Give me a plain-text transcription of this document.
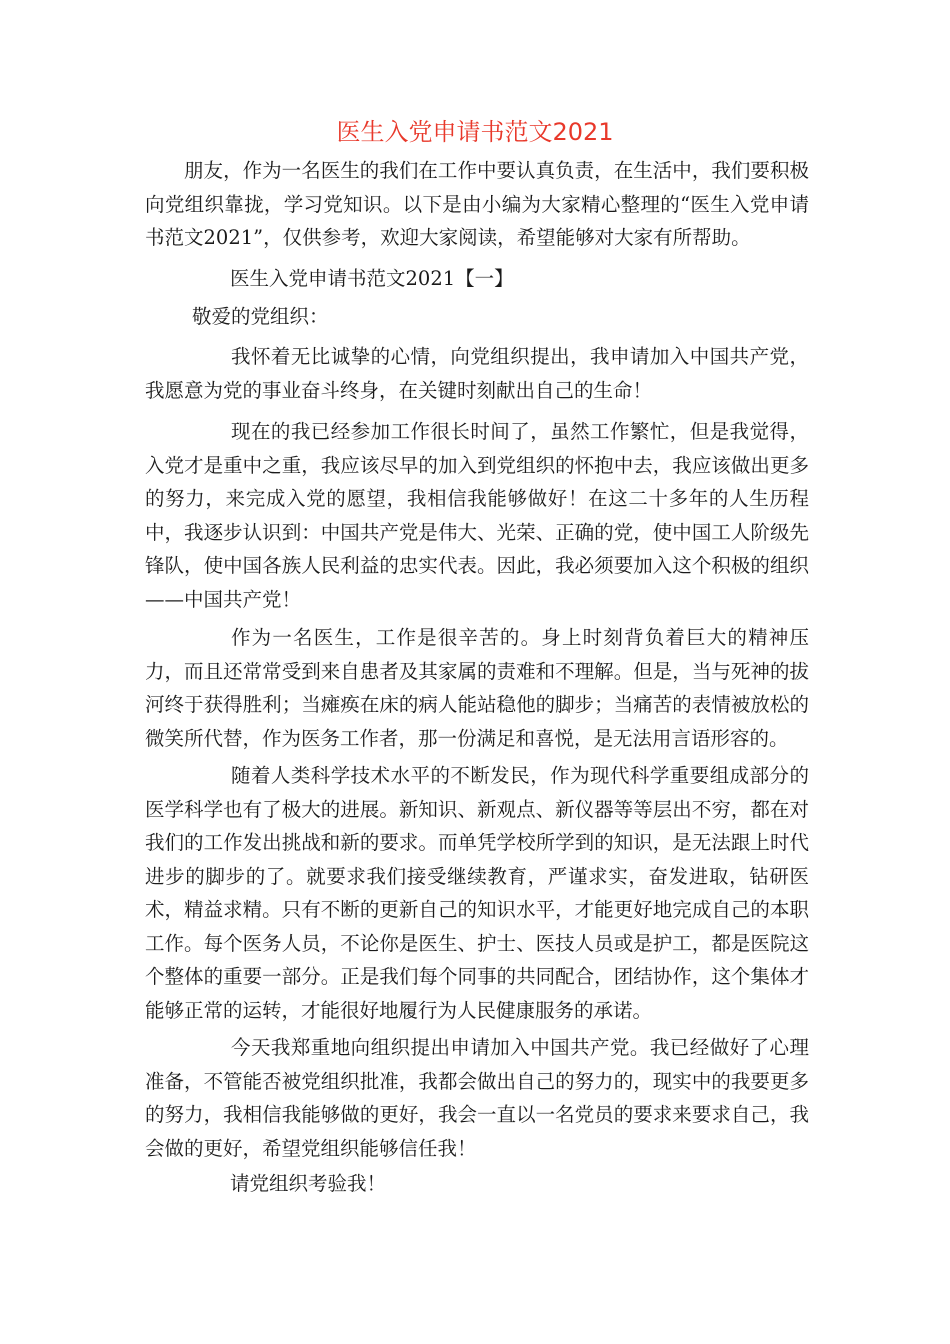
医生入党申请书范文2021

朋友，作为一名医生的我们在工作中要认真负责，在生活中，我们要积极向党组织靠拢，学习党知识。以下是由小编为大家精心整理的“医生入党申请书范文2021”，仅供参考，欢迎大家阅读，希望能够对大家有所帮助。

医生入党申请书范文2021【一】

敬爱的党组织：

我怀着无比诚挚的心情，向党组织提出，我申请加入中国共产党，我愿意为党的事业奋斗终身，在关键时刻献出自己的生命！

现在的我已经参加工作很长时间了，虽然工作繁忙，但是我觉得，入党才是重中之重，我应该尽早的加入到党组织的怀抱中去，我应该做出更多的努力，来完成入党的愿望，我相信我能够做好！在这二十多年的人生历程中，我逐步认识到：中国共产党是伟大、光荣、正确的党，使中国工人阶级先锋队，使中国各族人民利益的忠实代表。因此，我必须要加入这个积极的组织——中国共产党！

作为一名医生，工作是很辛苦的。身上时刻背负着巨大的精神压力，而且还常常受到来自患者及其家属的责难和不理解。但是，当与死神的拔河终于获得胜利；当瘫痪在床的病人能站稳他的脚步；当痛苦的表情被放松的微笑所代替，作为医务工作者，那一份满足和喜悦，是无法用言语形容的。

随着人类科学技术水平的不断发民，作为现代科学重要组成部分的医学科学也有了极大的进展。新知识、新观点、新仪器等等层出不穷，都在对我们的工作发出挑战和新的要求。而单凭学校所学到的知识，是无法跟上时代进步的脚步的了。就要求我们接受继续教育，严谨求实，奋发进取，钻研医术，精益求精。只有不断的更新自己的知识水平，才能更好地完成自己的本职工作。每个医务人员，不论你是医生、护士、医技人员或是护工，都是医院这个整体的重要一部分。正是我们每个同事的共同配合，团结协作，这个集体才能够正常的运转，才能很好地履行为人民健康服务的承诺。

今天我郑重地向组织提出申请加入中国共产党。我已经做好了心理准备，不管能否被党组织批准，我都会做出自己的努力的，现实中的我要更多的努力，我相信我能够做的更好，我会一直以一名党员的要求来要求自己，我会做的更好，希望党组织能够信任我！

请党组织考验我！
